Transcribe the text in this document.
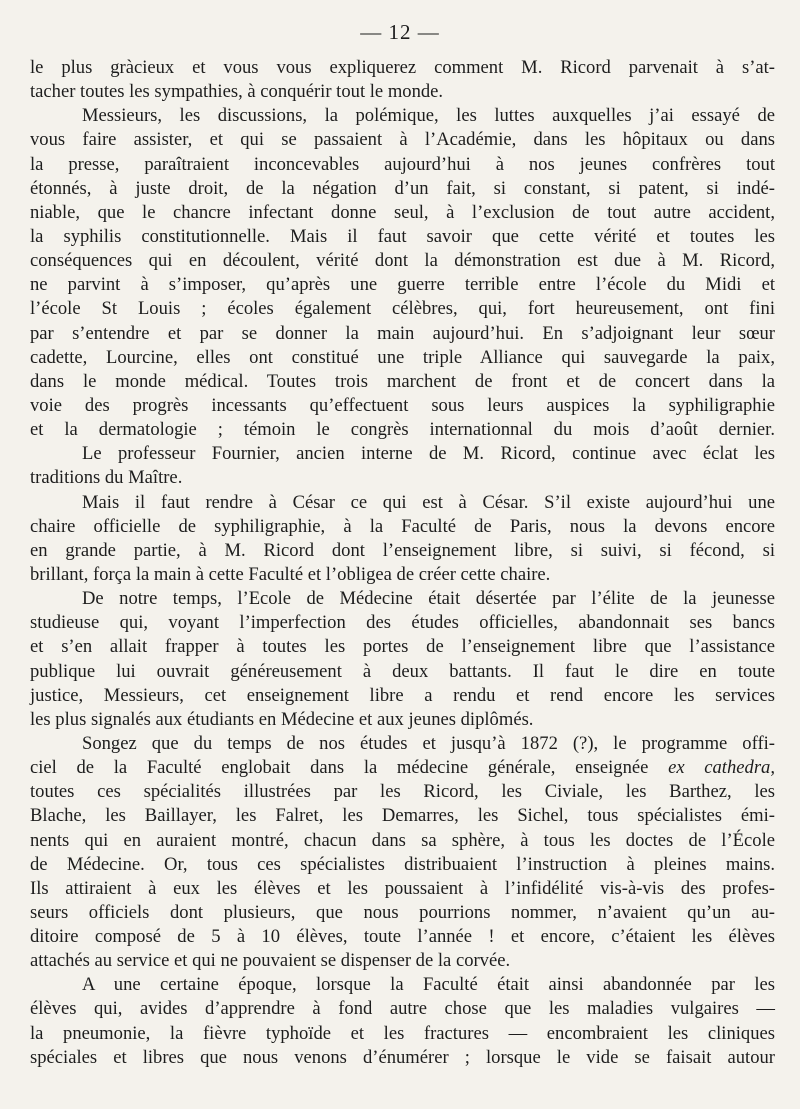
— 12 —
le plus gràcieux et vous vous expliquerez comment M. Ricord parvenait à s’at-
tacher toutes les sympathies, à conquérir tout le monde.
Messieurs, les discussions, la polémique, les luttes auxquelles j’ai essayé de
vous faire assister, et qui se passaient à l’Académie, dans les hôpitaux ou dans
la presse, paraîtraient inconcevables aujourd’hui à nos jeunes confrères tout
étonnés, à juste droit, de la négation d’un fait, si constant, si patent, si indé-
niable, que le chancre infectant donne seul, à l’exclusion de tout autre accident,
la syphilis constitutionnelle. Mais il faut savoir que cette vérité et toutes les
conséquences qui en découlent, vérité dont la démonstration est due à M. Ricord,
ne parvint à s’imposer, qu’après une guerre terrible entre l’école du Midi et
l’école St Louis ; écoles également célèbres, qui, fort heureusement, ont fini
par s’entendre et par se donner la main aujourd’hui. En s’adjoignant leur sœur
cadette, Lourcine, elles ont constitué une triple Alliance qui sauvegarde la paix,
dans le monde médical. Toutes trois marchent de front et de concert dans la
voie des progrès incessants qu’effectuent sous leurs auspices la syphiligraphie
et la dermatologie ; témoin le congrès internationnal du mois d’août dernier.
Le professeur Fournier, ancien interne de M. Ricord, continue avec éclat les
traditions du Maître.
Mais il faut rendre à César ce qui est à César. S’il existe aujourd’hui une
chaire officielle de syphiligraphie, à la Faculté de Paris, nous la devons encore
en grande partie, à M. Ricord dont l’enseignement libre, si suivi, si fécond, si
brillant, força la main à cette Faculté et l’obligea de créer cette chaire.
De notre temps, l’Ecole de Médecine était désertée par l’élite de la jeunesse
studieuse qui, voyant l’imperfection des études officielles, abandonnait ses bancs
et s’en allait frapper à toutes les portes de l’enseignement libre que l’assistance
publique lui ouvrait généreusement à deux battants. Il faut le dire en toute
justice, Messieurs, cet enseignement libre a rendu et rend encore les services
les plus signalés aux étudiants en Médecine et aux jeunes diplômés.
Songez que du temps de nos études et jusqu’à 1872 (?), le programme offi-
ciel de la Faculté englobait dans la médecine générale, enseignée ex cathedra,
toutes ces spécialités illustrées par les Ricord, les Civiale, les Barthez, les
Blache, les Baillayer, les Falret, les Demarres, les Sichel, tous spécialistes émi-
nents qui en auraient montré, chacun dans sa sphère, à tous les doctes de l’École
de Médecine. Or, tous ces spécialistes distribuaient l’instruction à pleines mains.
Ils attiraient à eux les élèves et les poussaient à l’infidélité vis-à-vis des profes-
seurs officiels dont plusieurs, que nous pourrions nommer, n’avaient qu’un au-
ditoire composé de 5 à 10 élèves, toute l’année ! et encore, c’étaient les élèves
attachés au service et qui ne pouvaient se dispenser de la corvée.
A une certaine époque, lorsque la Faculté était ainsi abandonnée par les
élèves qui, avides d’apprendre à fond autre chose que les maladies vulgaires —
la pneumonie, la fièvre typhoïde et les fractures — encombraient les cliniques
spéciales et libres que nous venons d’énumérer ; lorsque le vide se faisait autour
